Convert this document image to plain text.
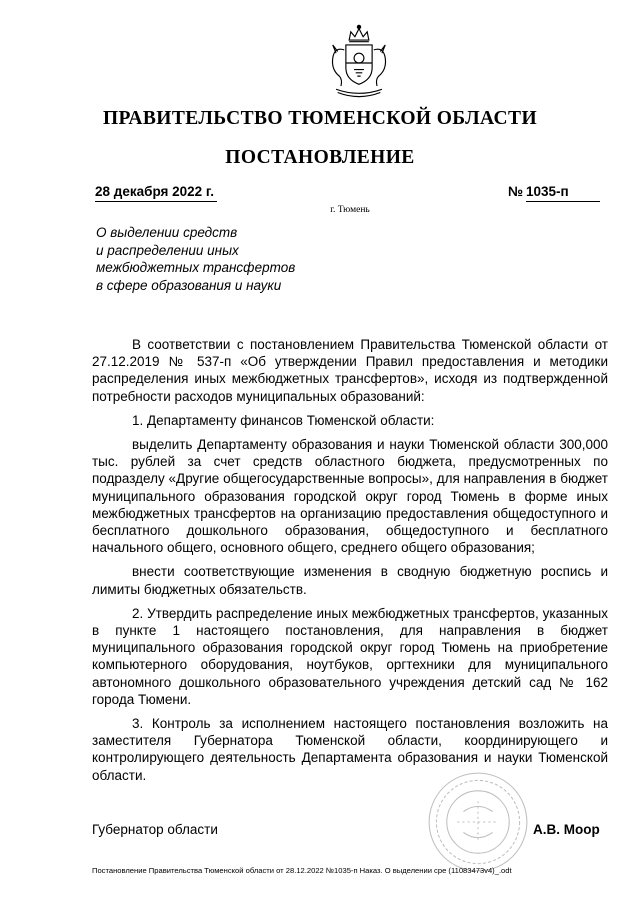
ПРАВИТЕЛЬСТВО ТЮМЕНСКОЙ ОБЛАСТИ
ПОСТАНОВЛЕНИЕ
28 декабря 2022 г.	№ 1035-п
г. Тюмень
О выделении средств
и распределении иных
межбюджетных трансфертов
в сфере образования и науки

В соответствии с постановлением Правительства Тюменской области от 27.12.2019 № 537-п «Об утверждении Правил предоставления и методики распределения иных межбюджетных трансфертов», исходя из подтвержденной потребности расходов муниципальных образований:

1. Департаменту финансов Тюменской области:

выделить Департаменту образования и науки Тюменской области 300,000 тыс. рублей за счет средств областного бюджета, предусмотренных по подразделу «Другие общегосударственные вопросы», для направления в бюджет муниципального образования городской округ город Тюмень в форме иных межбюджетных трансфертов на организацию предоставления общедоступного и бесплатного дошкольного образования, общедоступного и бесплатного начального общего, основного общего, среднего общего образования;

внести соответствующие изменения в сводную бюджетную роспись и лимиты бюджетных обязательств.

2. Утвердить распределение иных межбюджетных трансфертов, указанных в пункте 1 настоящего постановления, для направления в бюджет муниципального образования городской округ город Тюмень на приобретение компьютерного оборудования, ноутбуков, оргтехники для муниципального автономного дошкольного образовательного учреждения детский сад № 162 города Тюмени.

3. Контроль за исполнением настоящего постановления возложить на заместителя Губернатора Тюменской области, координирующего и контролирующего деятельность Департамента образования и науки Тюменской области.

Губернатор области	А.В. Моор
Постановление Правительства Тюменской области от 28.12.2022 №1035-п Наказ. О выделении сре (11083473v4)_.odt
